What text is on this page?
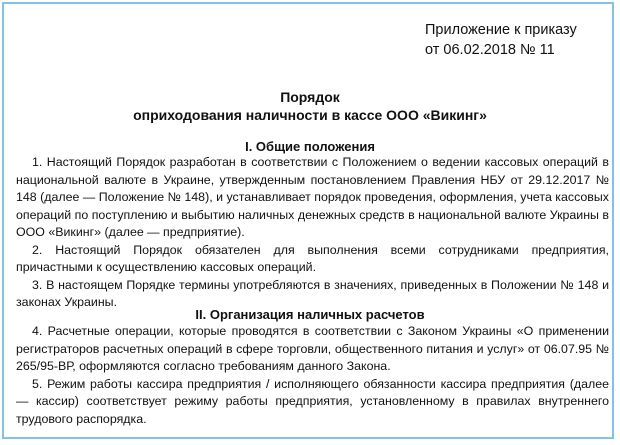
Приложение к приказу
от 06.02.2018 № 11
Порядок
оприходования наличности в кассе ООО «Викинг»
I. Общие положения

1. Настоящий Порядок разработан в соответствии с Положением о ведении кассовых операций в национальной валюте в Украине, утвержденным постановлением Правления НБУ от 29.12.2017 № 148 (далее — Положение № 148), и устанавливает порядок проведения, оформления, учета кассовых операций по поступлению и выбытию наличных денежных средств в национальной валюте Украины в ООО «Викинг» (далее — предприятие).

2. Настоящий Порядок обязателен для выполнения всеми сотрудниками предприятия, причастными к осуществлению кассовых операций.

3. В настоящем Порядке термины употребляются в значениях, приведенных в Положении № 148 и законах Украины.

II. Организация наличных расчетов

4. Расчетные операции, которые проводятся в соответствии с Законом Украины «О применении регистраторов расчетных операций в сфере торговли, общественного питания и услуг» от 06.07.95 № 265/95-ВР, оформляются согласно требованиям данного Закона.

5. Режим работы кассира предприятия / исполняющего обязанности кассира предприятия (далее — кассир) соответствует режиму работы предприятия, установленному в правилах внутреннего трудового распорядка.
